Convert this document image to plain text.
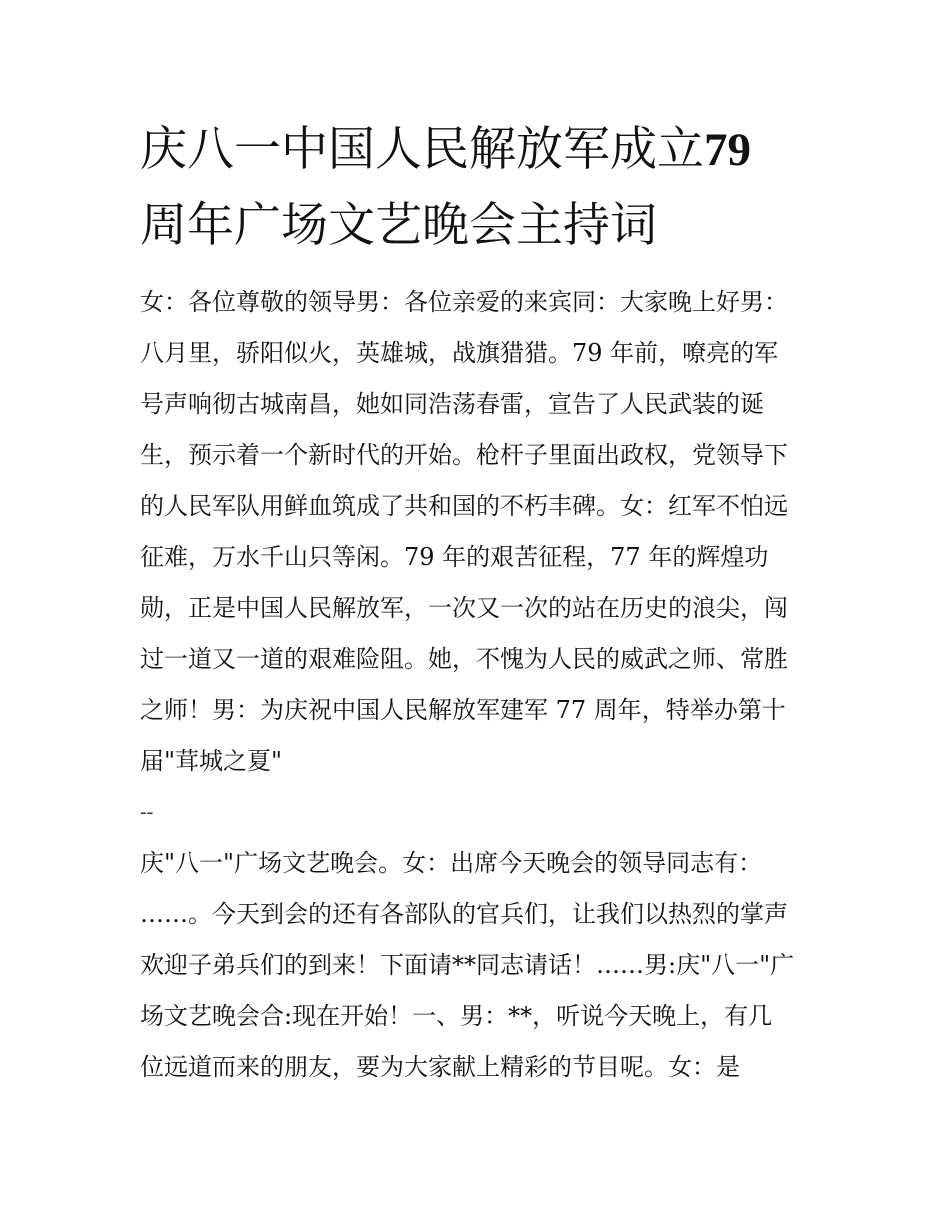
庆八一中国人民解放军成立79
周年广场文艺晚会主持词
女：各位尊敬的领导男：各位亲爱的来宾同：大家晚上好男：
八月里，骄阳似火，英雄城，战旗猎猎。79 年前，嘹亮的军
号声响彻古城南昌，她如同浩荡春雷，宣告了人民武装的诞
生，预示着一个新时代的开始。枪杆子里面出政权，党领导下
的人民军队用鲜血筑成了共和国的不朽丰碑。女：红军不怕远
征难，万水千山只等闲。79 年的艰苦征程，77 年的辉煌功
勋，正是中国人民解放军，一次又一次的站在历史的浪尖，闯
过一道又一道的艰难险阻。她，不愧为人民的威武之师、常胜
之师！男：为庆祝中国人民解放军建军 77 周年，特举办第十
届"茸城之夏"
--
庆"八一"广场文艺晚会。女：出席今天晚会的领导同志有：
……。今天到会的还有各部队的官兵们，让我们以热烈的掌声
欢迎子弟兵们的到来！下面请**同志请话！……男:庆"八一"广
场文艺晚会合:现在开始！一、男：**，听说今天晚上，有几
位远道而来的朋友，要为大家献上精彩的节目呢。女：是
